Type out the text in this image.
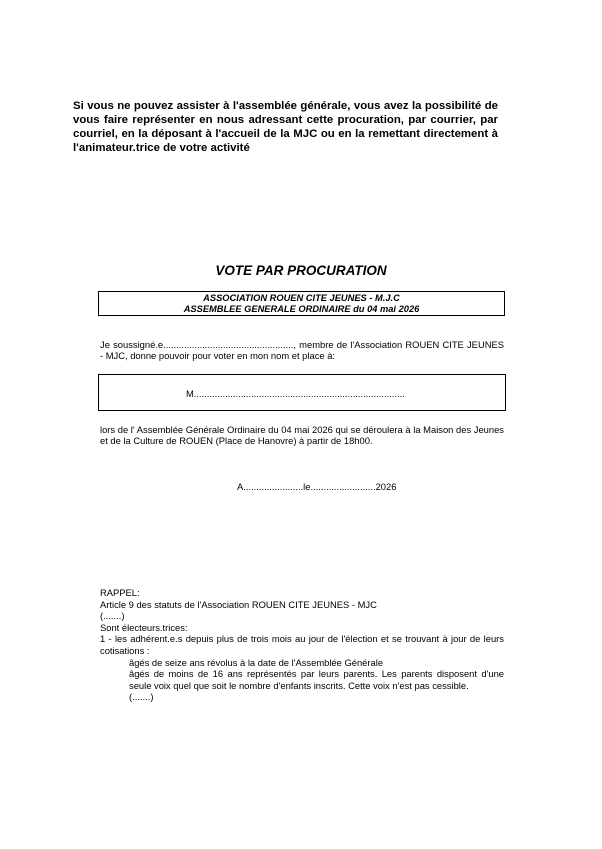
Si vous ne pouvez assister à l'assemblée générale, vous avez la possibilité de vous faire représenter en nous adressant cette procuration, par courrier, par courriel, en la déposant à l'accueil de la MJC ou en la remettant directement à l'animateur.trice de votre activité

VOTE PAR PROCURATION
ASSOCIATION ROUEN CITE JEUNES - M.J.C
ASSEMBLEE GENERALE ORDINAIRE du 04 mai 2026
Je soussigné.e.................................................., membre de l'Association ROUEN CITE JEUNES - MJC, donne pouvoir pour voter en mon nom et place à:
M.................................................................................
lors de l' Assemblée Générale Ordinaire du 04 mai 2026 qui se déroulera à la Maison des Jeunes et de la Culture de ROUEN (Place de Hanovre) à partir de 18h00.
A.......................le.........................2026
RAPPEL:
Article 9 des statuts de l'Association ROUEN CITE JEUNES - MJC
(.......)
Sont électeurs.trices:
1 - les adhérent.e.s depuis plus de trois mois au jour de l'élection et se trouvant à jour de leurs cotisations :
âgés de seize ans révolus à la date de l'Assemblée Générale
âgés de moins de 16 ans représentés par leurs parents. Les parents disposent d'une seule voix quel que soit le nombre d'enfants inscrits. Cette voix n'est pas cessible.
(.......)
